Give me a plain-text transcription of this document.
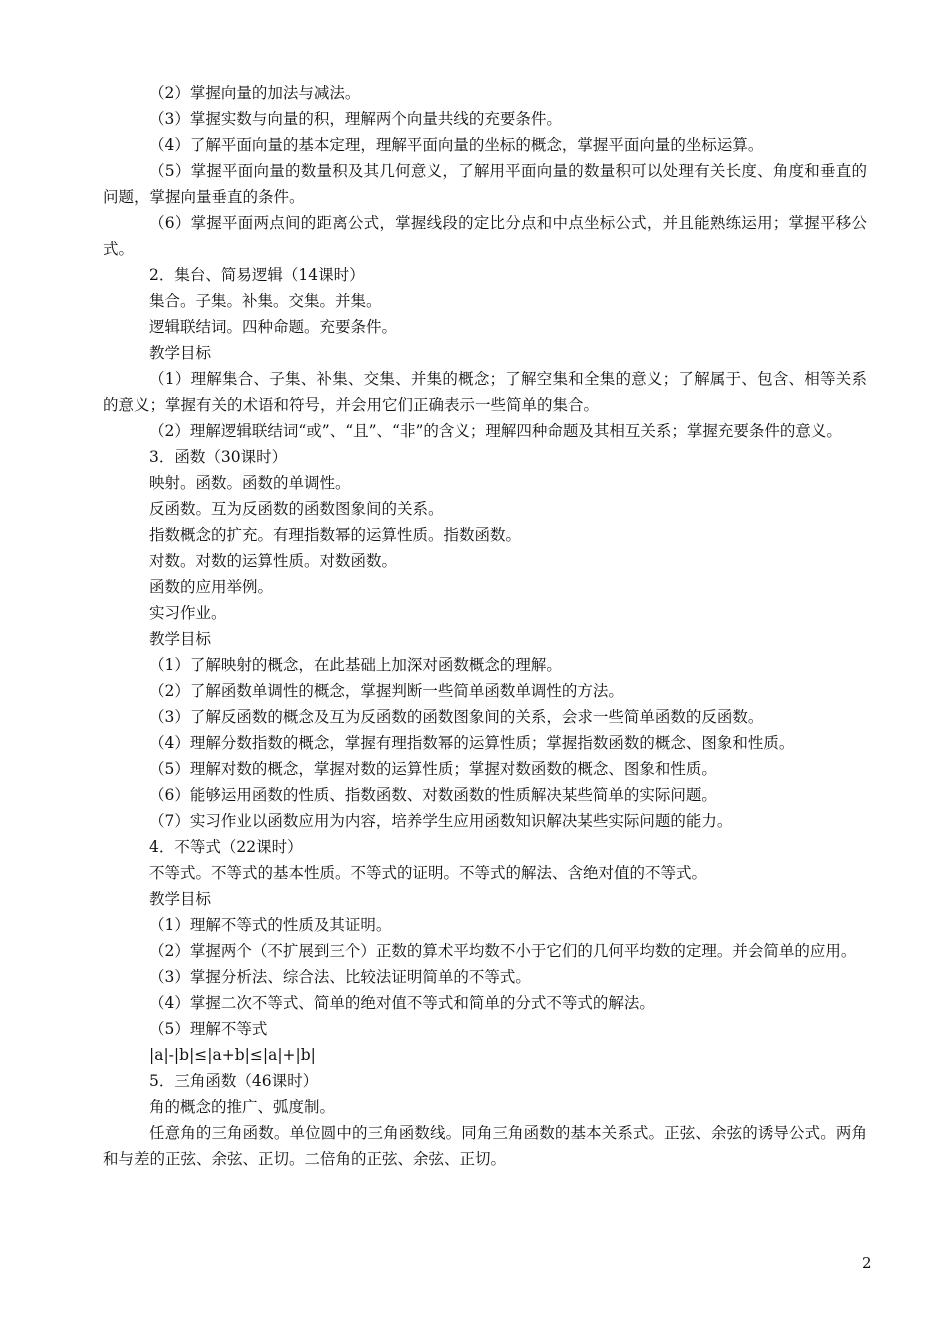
（2）掌握向量的加法与减法。

（3）掌握实数与向量的积，理解两个向量共线的充要条件。

（4）了解平面向量的基本定理，理解平面向量的坐标的概念，掌握平面向量的坐标运算。

（5）掌握平面向量的数量积及其几何意义，了解用平面向量的数量积可以处理有关长度、角度和垂直的问题，掌握向量垂直的条件。

（6）掌握平面两点间的距离公式，掌握线段的定比分点和中点坐标公式，并且能熟练运用；掌握平移公式。

2．集台、简易逻辑（14课时）

集合。子集。补集。交集。并集。

逻辑联结词。四种命题。充要条件。

教学目标

（1）理解集合、子集、补集、交集、并集的概念；了解空集和全集的意义；了解属于、包含、相等关系的意义；掌握有关的术语和符号，并会用它们正确表示一些简单的集合。

（2）理解逻辑联结词“或”、“且”、“非”的含义；理解四种命题及其相互关系；掌握充要条件的意义。

3．函数（30课时）

映射。函数。函数的单调性。

反函数。互为反函数的函数图象间的关系。

指数概念的扩充。有理指数幂的运算性质。指数函数。

对数。对数的运算性质。对数函数。

函数的应用举例。

实习作业。

教学目标

（1）了解映射的概念，在此基础上加深对函数概念的理解。

（2）了解函数单调性的概念，掌握判断一些简单函数单调性的方法。

（3）了解反函数的概念及互为反函数的函数图象间的关系，会求一些简单函数的反函数。

（4）理解分数指数的概念，掌握有理指数幂的运算性质；掌握指数函数的概念、图象和性质。

（5）理解对数的概念，掌握对数的运算性质；掌握对数函数的概念、图象和性质。

（6）能够运用函数的性质、指数函数、对数函数的性质解决某些简单的实际问题。

（7）实习作业以函数应用为内容，培养学生应用函数知识解决某些实际问题的能力。

4．不等式（22课时）

不等式。不等式的基本性质。不等式的证明。不等式的解法、含绝对值的不等式。

教学目标

（1）理解不等式的性质及其证明。

（2）掌握两个（不扩展到三个）正数的算术平均数不小于它们的几何平均数的定理。并会简单的应用。

（3）掌握分析法、综合法、比较法证明简单的不等式。

（4）掌握二次不等式、简单的绝对值不等式和简单的分式不等式的解法。

（5）理解不等式

|a|-|b|≤|a+b|≤|a|+|b|

5．三角函数（46课时）

角的概念的推广、弧度制。

任意角的三角函数。单位圆中的三角函数线。同角三角函数的基本关系式。正弦、余弦的诱导公式。两角和与差的正弦、余弦、正切。二倍角的正弦、余弦、正切。

2
